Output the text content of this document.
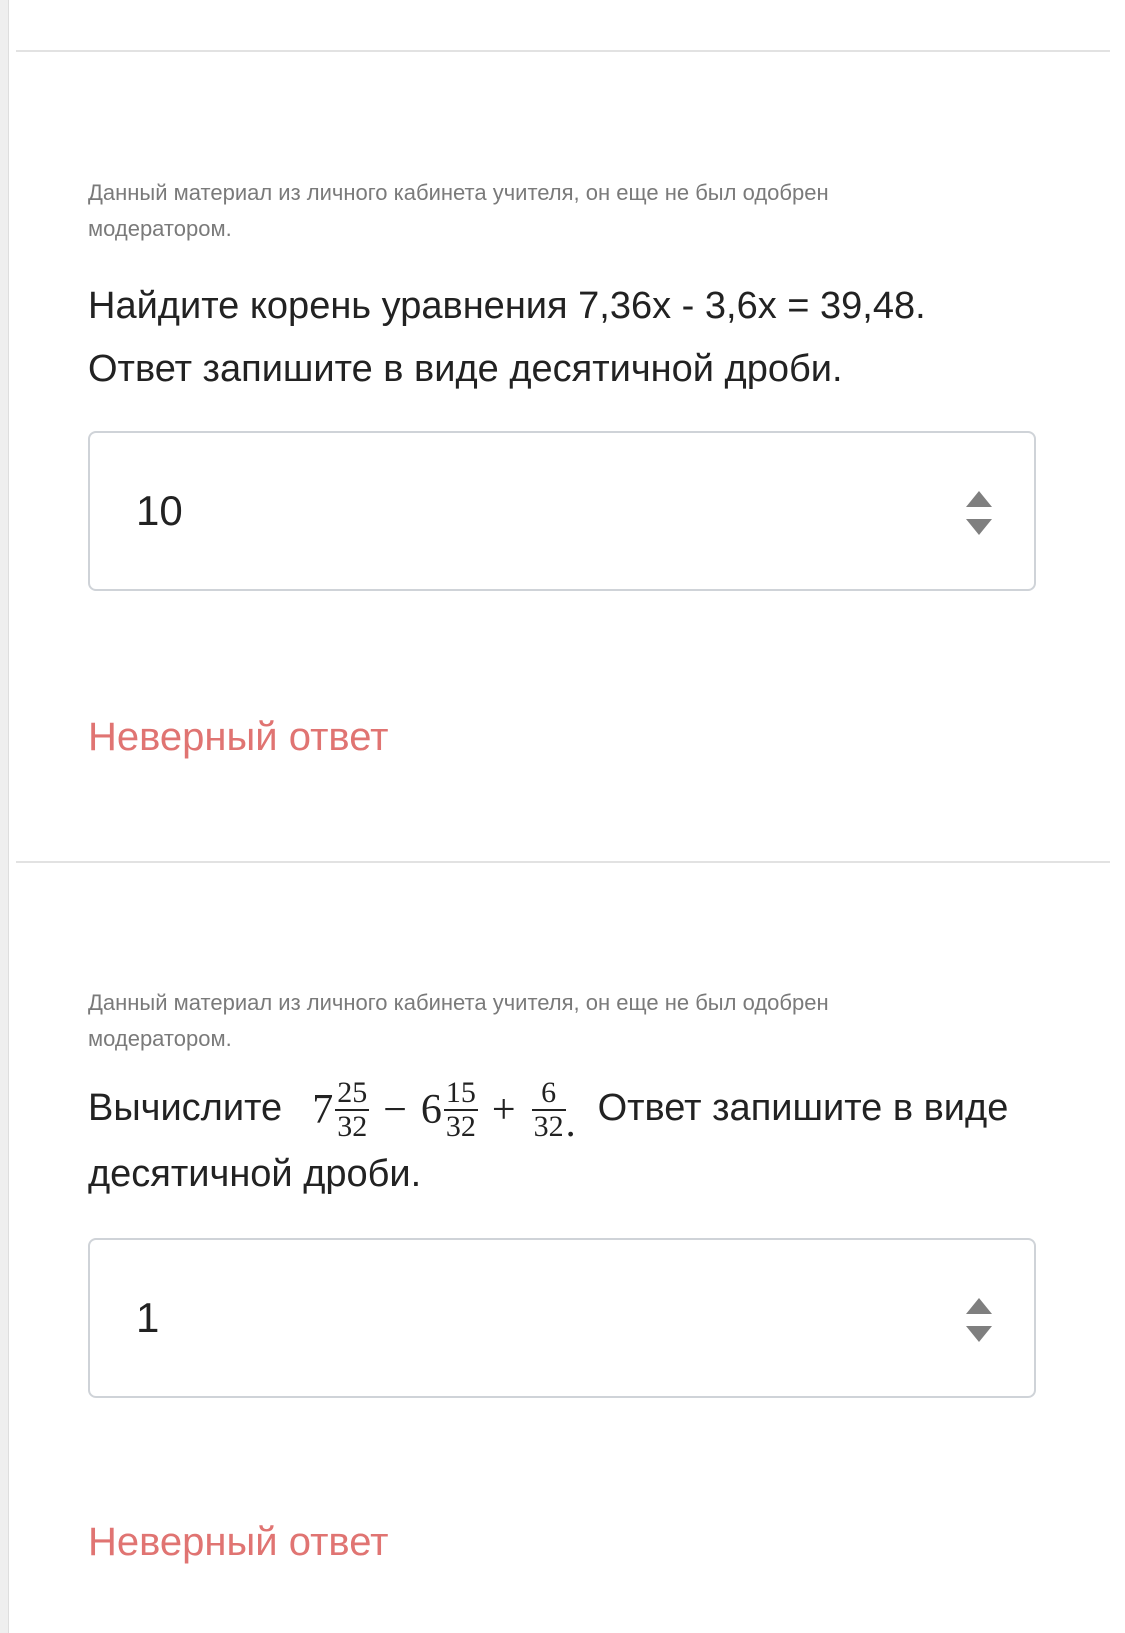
Данный материал из личного кабинета учителя, он еще не был одобрен модератором.

Найдите корень уравнения 7,36x - 3,6x = 39,48. Ответ запишите в виде десятичной дроби.
10
Неверный ответ

Данный материал из личного кабинета учителя, он еще не был одобрен модератором.

Вычислите $7 \frac{25}{32} - 6 \frac{15}{32} + \frac{6}{32}$ . Ответ запишите в виде десятичной дроби.
1
Неверный ответ
